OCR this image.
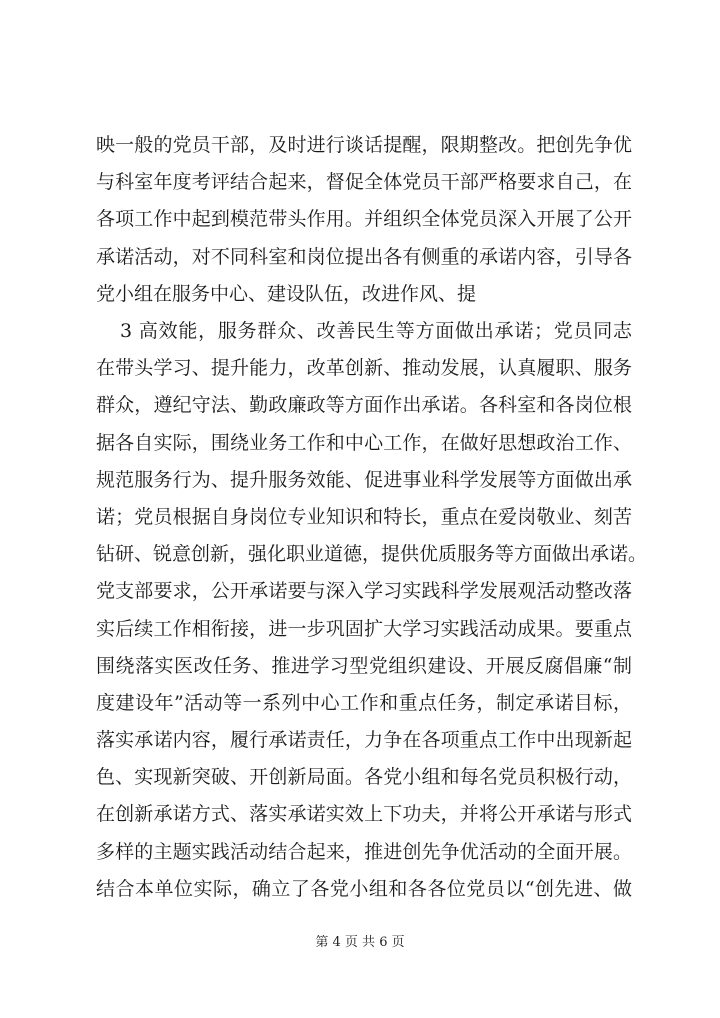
映一般的党员干部，及时进行谈话提醒，限期整改。把创先争优
与科室年度考评结合起来，督促全体党员干部严格要求自己，在
各项工作中起到模范带头作用。并组织全体党员深入开展了公开
承诺活动，对不同科室和岗位提出各有侧重的承诺内容，引导各
党小组在服务中心、建设队伍，改进作风、提
3 高效能，服务群众、改善民生等方面做出承诺；党员同志
在带头学习、提升能力，改革创新、推动发展，认真履职、服务
群众，遵纪守法、勤政廉政等方面作出承诺。各科室和各岗位根
据各自实际，围绕业务工作和中心工作，在做好思想政治工作、
规范服务行为、提升服务效能、促进事业科学发展等方面做出承
诺；党员根据自身岗位专业知识和特长，重点在爱岗敬业、刻苦
钻研、锐意创新，强化职业道德，提供优质服务等方面做出承诺。
党支部要求，公开承诺要与深入学习实践科学发展观活动整改落
实后续工作相衔接，进一步巩固扩大学习实践活动成果。要重点
围绕落实医改任务、推进学习型党组织建设、开展反腐倡廉“制
度建设年”活动等一系列中心工作和重点任务，制定承诺目标，
落实承诺内容，履行承诺责任，力争在各项重点工作中出现新起
色、实现新突破、开创新局面。各党小组和每名党员积极行动，
在创新承诺方式、落实承诺实效上下功夫，并将公开承诺与形式
多样的主题实践活动结合起来，推进创先争优活动的全面开展。
结合本单位实际，确立了各党小组和各各位党员以“创先进、做
第 4 页 共 6 页
